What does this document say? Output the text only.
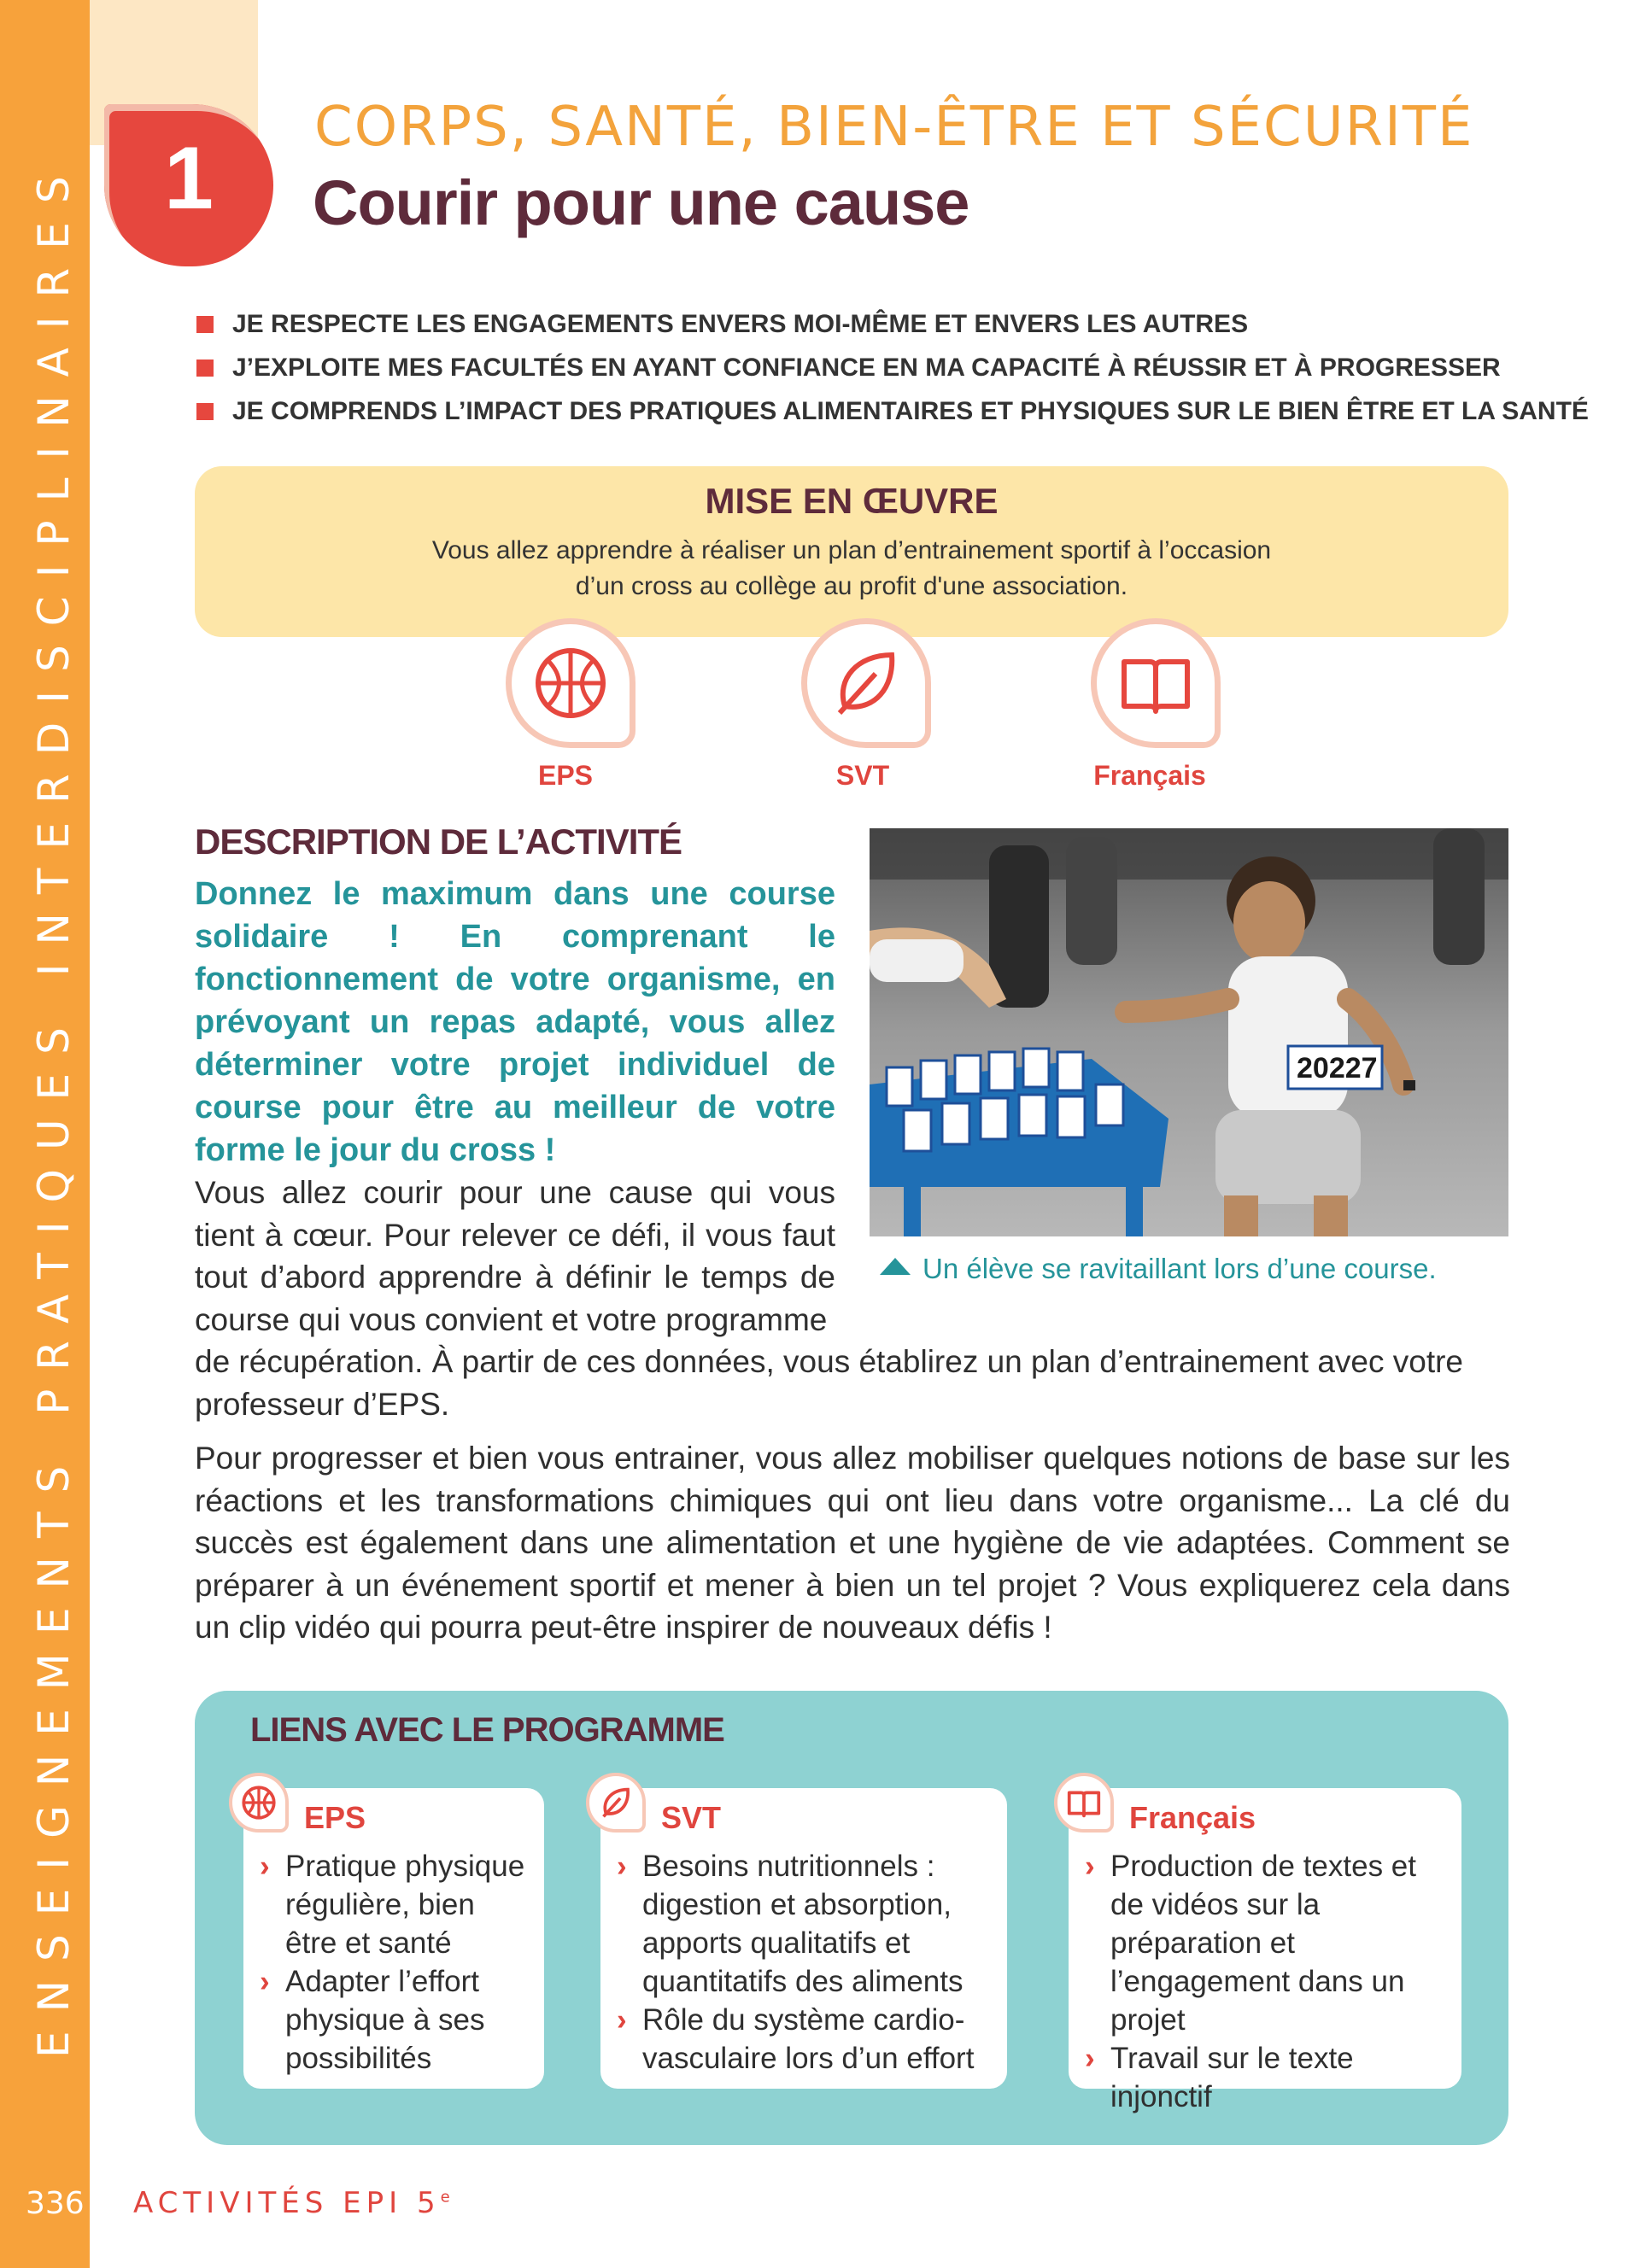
ENSEIGNEMENTS PRATIQUES INTERDISCIPLINAIRES 1
CORPS, SANTÉ, BIEN-ÊTRE ET SÉCURITÉ
Courir pour une cause
JE RESPECTE LES ENGAGEMENTS ENVERS MOI-MÊME ET ENVERS LES AUTRES
J’EXPLOITE MES FACULTÉS EN AYANT CONFIANCE EN MA CAPACITÉ À RÉUSSIR ET À PROGRESSER
JE COMPRENDS L’IMPACT DES PRATIQUES ALIMENTAIRES ET PHYSIQUES SUR LE BIEN ÊTRE ET LA SANTÉ
MISE EN ŒUVRE
Vous allez apprendre à réaliser un plan d’entrainement sportif à l’occasion
d’un cross au collège au profit d'une association.
EPS	SVT	Français
DESCRIPTION DE L’ACTIVITÉ
Donnez le maximum dans une course solidaire ! En comprenant le fonctionnement de votre organisme, en prévoyant un repas adapté, vous allez déterminer votre projet individuel de course pour être au meilleur de votre forme le jour du cross !
Vous allez courir pour une cause qui vous tient à cœur. Pour relever ce défi, il vous faut tout d’abord apprendre à définir le temps de course qui vous convient et votre programme
de récupération. À partir de ces données, vous établirez un plan d’entrainement avec votre professeur d’EPS.
Pour progresser et bien vous entrainer, vous allez mobiliser quelques notions de base sur les réactions et les transformations chimiques qui ont lieu dans votre organisme... La clé du succès est également dans une alimentation et une hygiène de vie adaptées. Comment se préparer à un événement sportif et mener à bien un tel projet ? Vous expliquerez cela dans un clip vidéo qui pourra peut-être inspirer de nouveaux défis !
20227
Un élève se ravitaillant lors d’une course.
LIENS AVEC LE PROGRAMME
EPS
› Pratique physique régulière, bien être et santé
› Adapter l’effort physique à ses possibilités
SVT
› Besoins nutritionnels : digestion et absorption, apports qualitatifs et quantitatifs des aliments
› Rôle du système cardio-vasculaire lors d’un effort
Français
› Production de textes et de vidéos sur la préparation et l’engagement dans un projet
› Travail sur le texte injonctif
336 ACTIVITÉS EPI 5e
